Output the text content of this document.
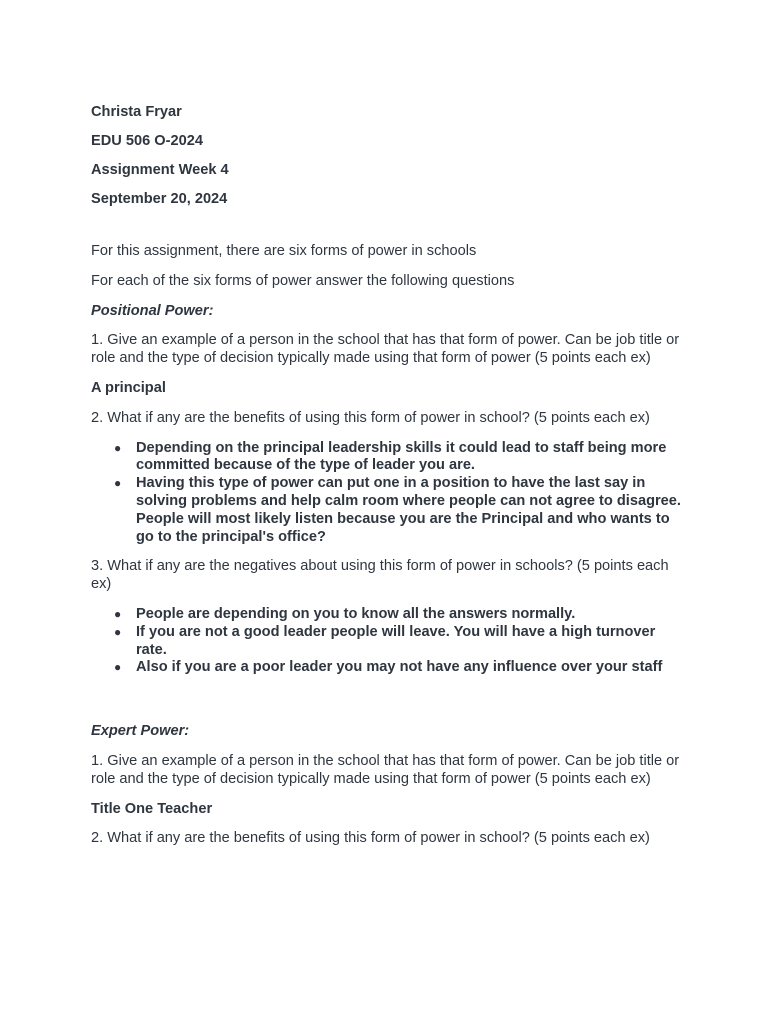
Christa Fryar

EDU 506 O-2024

Assignment Week 4

September 20, 2024

For this assignment, there are six forms of power in schools

For each of the six forms of power answer the following questions

Positional Power:

1. Give an example of a person in the school that has that form of power. Can be job title or role and the type of decision typically made using that form of power (5 points each ex)

A principal

2. What if any are the benefits of using this form of power in school? (5 points each ex)

● Depending on the principal leadership skills it could lead to staff being more committed because of the type of leader you are.
● Having this type of power can put one in a position to have the last say in solving problems and help calm room where people can not agree to disagree. People will most likely listen because you are the Principal and who wants to go to the principal's office?

3. What if any are the negatives about using this form of power in schools? (5 points each ex)

● People are depending on you to know all the answers normally.
● If you are not a good leader people will leave. You will have a high turnover rate.
● Also if you are a poor leader you may not have any influence over your staff

Expert Power:

1. Give an example of a person in the school that has that form of power. Can be job title or role and the type of decision typically made using that form of power (5 points each ex)

Title One Teacher

2. What if any are the benefits of using this form of power in school? (5 points each ex)
